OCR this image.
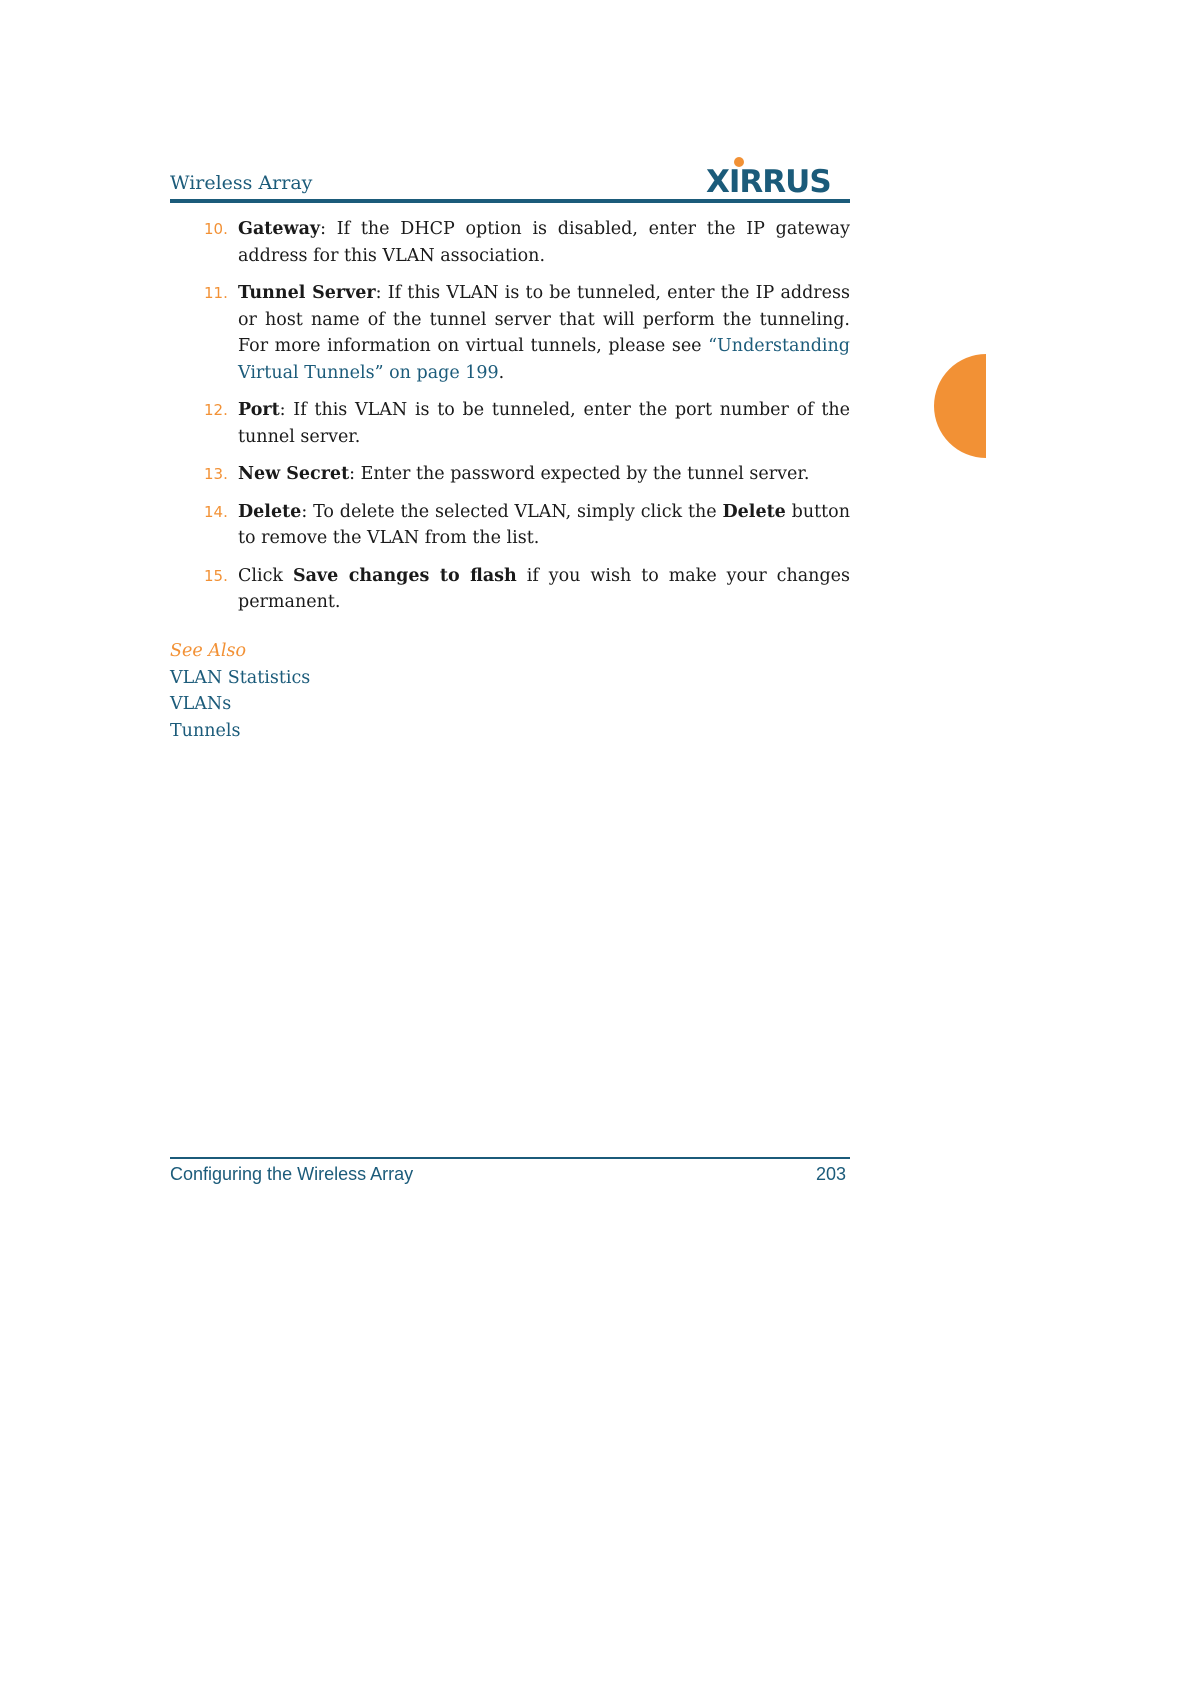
Wireless Array	XIRRUS
10. Gateway: If the DHCP option is disabled, enter the IP gateway address for this VLAN association.
11. Tunnel Server: If this VLAN is to be tunneled, enter the IP address or host name of the tunnel server that will perform the tunneling. For more information on virtual tunnels, please see “Understanding Virtual Tunnels” on page 199.
12. Port: If this VLAN is to be tunneled, enter the port number of the tunnel server.
13. New Secret: Enter the password expected by the tunnel server.
14. Delete: To delete the selected VLAN, simply click the Delete button to remove the VLAN from the list.
15. Click Save changes to flash if you wish to make your changes permanent.

See Also

VLAN Statistics
VLANs
Tunnels
Configuring the Wireless Array	203
